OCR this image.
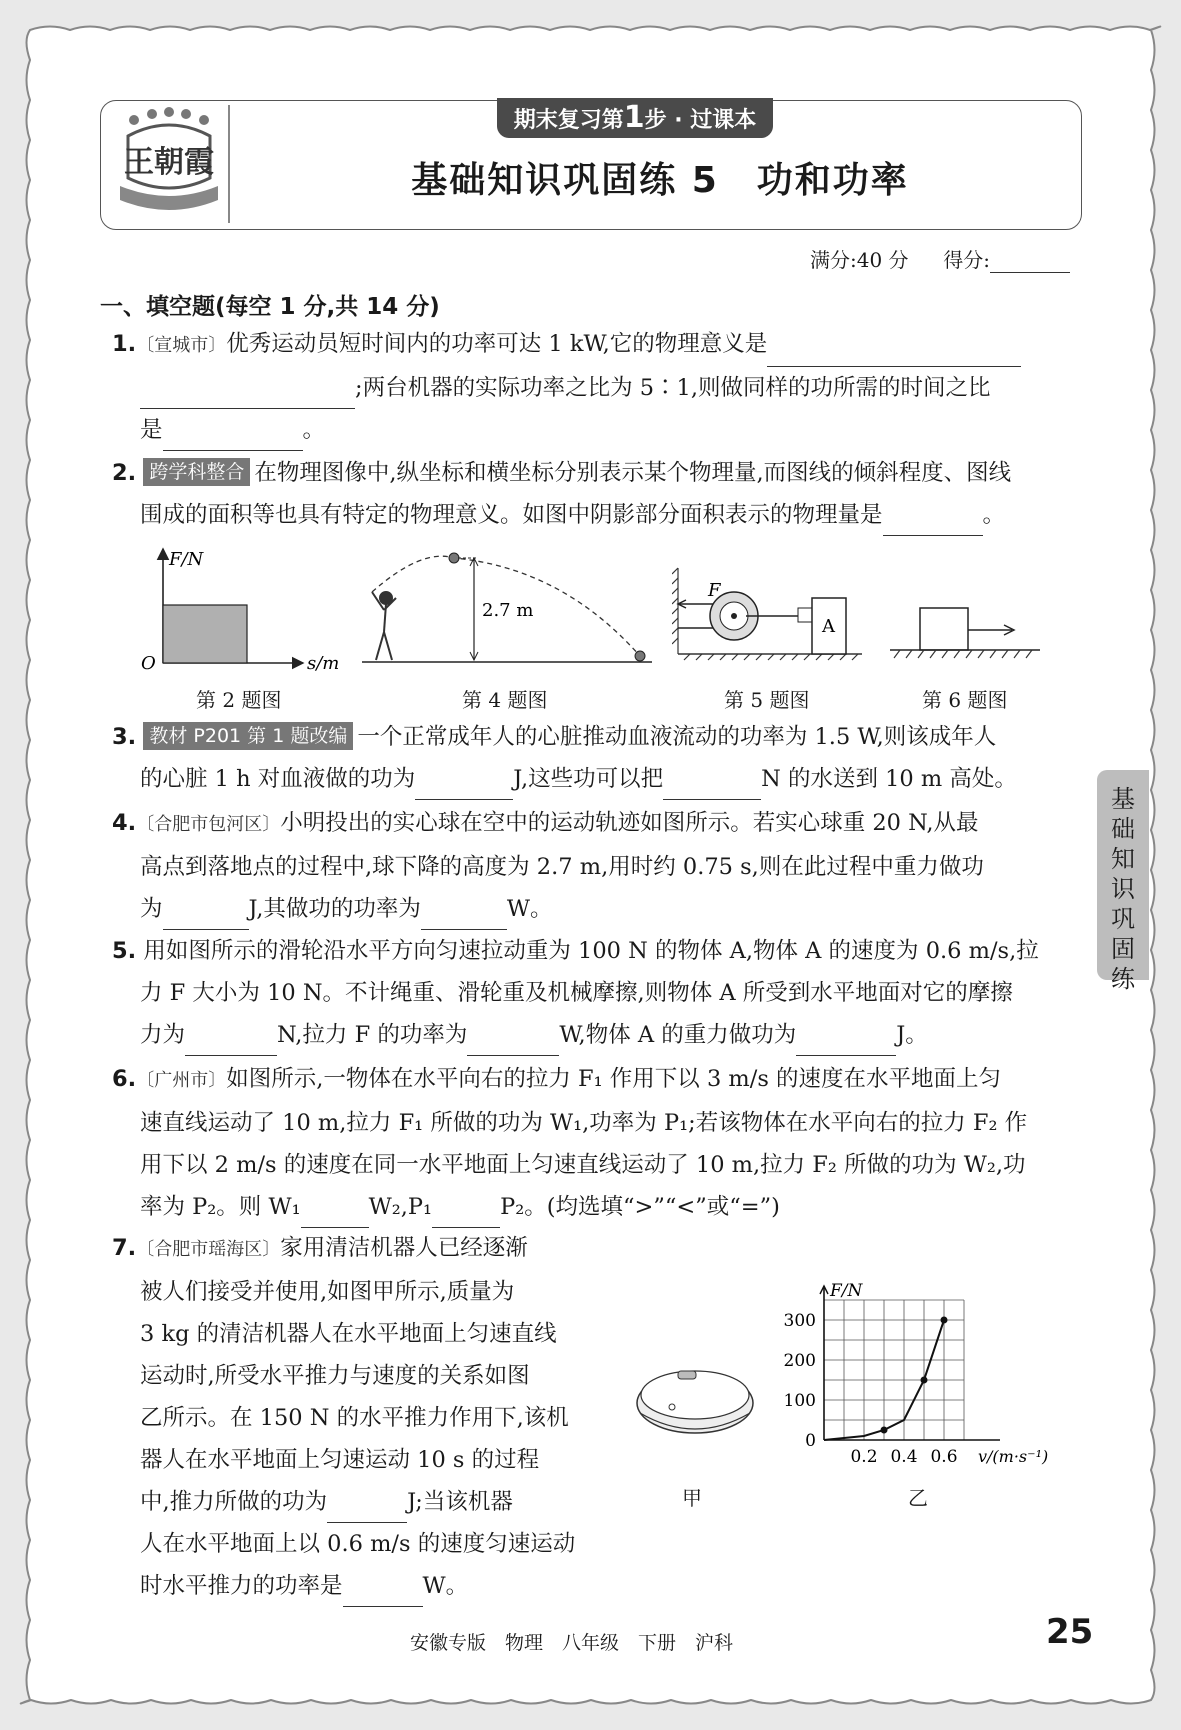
王朝霞
期末复习第1步 · 过课本
基础知识巩固练 5　功和功率
满分:40 分 得分:
一、填空题(每空 1 分,共 14 分)

1.〔宣城市〕优秀运动员短时间内的功率可达 1 kW,它的物理意义是

;两台机器的实际功率之比为 5∶1,则做同样的功所需的时间之比

是	。

2. 跨学科整合 在物理图像中,纵坐标和横坐标分别表示某个物理量,而图线的倾斜程度、图线

围成的面积等也具有特定的物理意义。如图中阴影部分面积表示的物理量是	。

F/N
s/m
O
第 2 题图
2.7 m
第 4 题图
F
A
第 5 题图	第 6 题图

3. 教材 P201 第 1 题改编 一个正常成年人的心脏推动血液流动的功率为 1.5 W,则该成年人

的心脏 1 h 对血液做的功为	J,这些功可以把	N 的水送到 10 m 高处。

4.〔合肥市包河区〕小明投出的实心球在空中的运动轨迹如图所示。若实心球重 20 N,从最

高点到落地点的过程中,球下降的高度为 2.7 m,用时约 0.75 s,则在此过程中重力做功

为	J,其做功的功率为	W。

5. 用如图所示的滑轮沿水平方向匀速拉动重为 100 N 的物体 A,物体 A 的速度为 0.6 m/s,拉

力 F 大小为 10 N。不计绳重、滑轮重及机械摩擦,则物体 A 所受到水平地面对它的摩擦

力为	N,拉力 F 的功率为	W,物体 A 的重力做功为	J。

6.〔广州市〕如图所示,一物体在水平向右的拉力 F₁ 作用下以 3 m/s 的速度在水平地面上匀

速直线运动了 10 m,拉力 F₁ 所做的功为 W₁,功率为 P₁;若该物体在水平向右的拉力 F₂ 作

用下以 2 m/s 的速度在同一水平地面上匀速直线运动了 10 m,拉力 F₂ 所做的功为 W₂,功

率为 P₂。则 W₁	W₂,P₁	P₂。(均选填“>”“<”或“=”)

7.〔合肥市瑶海区〕家用清洁机器人已经逐渐

被人们接受并使用,如图甲所示,质量为

3 kg 的清洁机器人在水平地面上匀速直线

运动时,所受水平推力与速度的关系如图

乙所示。在 150 N 的水平推力作用下,该机

器人在水平地面上匀速运动 10 s 的过程

中,推力所做的功为	J;当该机器

人在水平地面上以 0.6 m/s 的速度匀速运动

时水平推力的功率是	W。

甲
0
100
200
300
0.2 0.4 0.6
F/N
v/(m·s⁻¹)
乙
基
础
知
识
巩
固
练
安徽专版　物理　八年级　下册　沪科	25
